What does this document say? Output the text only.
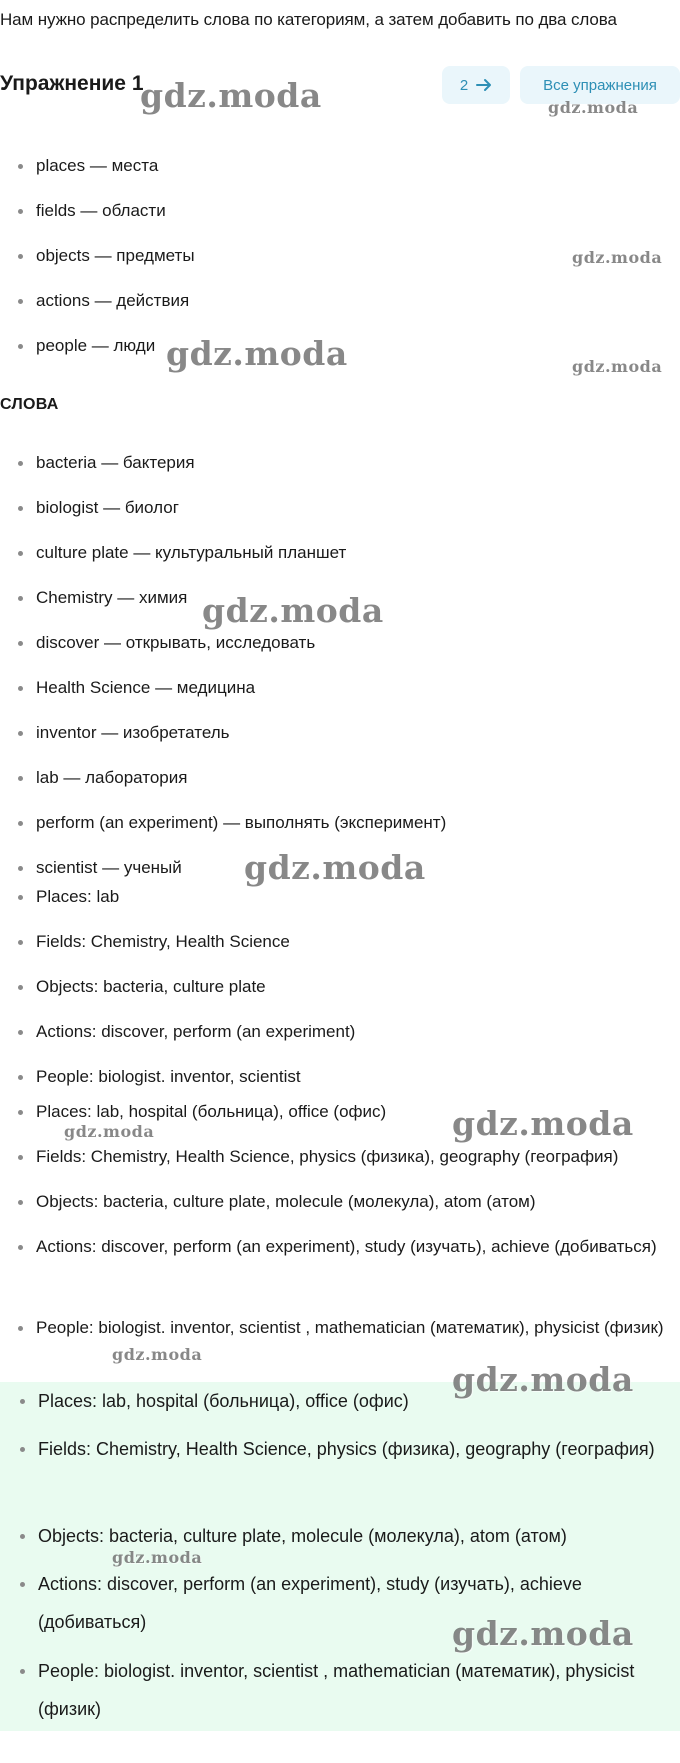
Нам нужно распределить слова по категориям, а затем добавить по два слова
Упражнение 1	2	Все упражнения
places — места
fields — области
objects — предметы
actions — действия
people — люди
СЛОВА
bacteria — бактерия
biologist — биолог
culture plate — культуральный планшет
Chemistry — химия
discover — открывать, исследовать
Health Science — медицина
inventor — изобретатель
lab — лаборатория
perform (an experiment) — выполнять (эксперимент)
scientist — ученый
Places: lab
Fields: Chemistry, Health Science
Objects: bacteria, culture plate
Actions: discover, perform (an experiment)
People: biologist. inventor, scientist
Places: lab, hospital (больница), office (офис)
Fields: Chemistry, Health Science, physics (физика), geography (география)
Objects: bacteria, culture plate, molecule (молекула), atom (атом)
Actions: discover, perform (an experiment), study (изучать), achieve (добиваться)
People: biologist. inventor, scientist , mathematician (математик), physicist (физик)
Places: lab, hospital (больница), office (офис)
Fields: Chemistry, Health Science, physics (физика), geography (география)
Objects: bacteria, culture plate, molecule (молекула), atom (атом)
Actions: discover, perform (an experiment), study (изучать), achieve (добиваться)
People: biologist. inventor, scientist , mathematician (математик), physicist (физик)
gdz.moda	gdz.moda
gdz.moda
gdz.moda	gdz.moda
gdz.moda
gdz.moda
gdz.moda
gdz.moda
gdz.moda
gdz.moda
gdz.moda
gdz.moda
